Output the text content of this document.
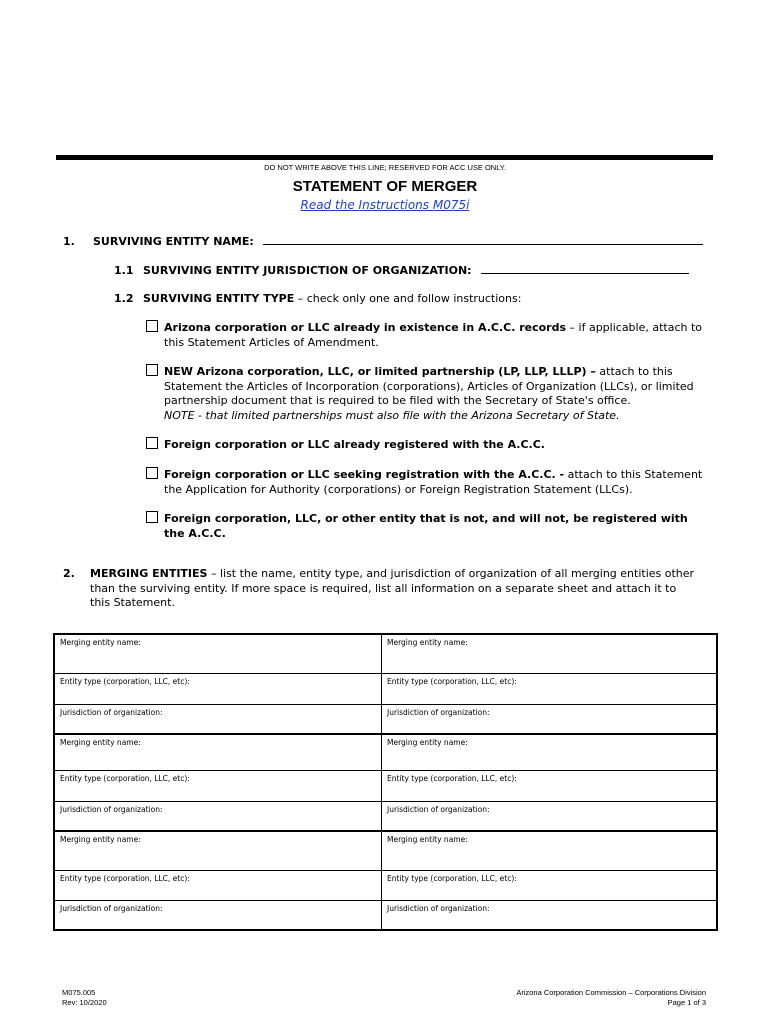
DO NOT WRITE ABOVE THIS LINE; RESERVED FOR ACC USE ONLY.
STATEMENT OF MERGER
Read the Instructions M075i
1. SURVIVING ENTITY NAME:
1.1 SURVIVING ENTITY JURISDICTION OF ORGANIZATION:
1.2 SURVIVING ENTITY TYPE – check only one and follow instructions:
Arizona corporation or LLC already in existence in A.C.C. records – if applicable, attach to
this Statement Articles of Amendment.
NEW Arizona corporation, LLC, or limited partnership (LP, LLP, LLLP) – attach to this
Statement the Articles of Incorporation (corporations), Articles of Organization (LLCs), or limited
partnership document that is required to be filed with the Secretary of State's office.
NOTE - that limited partnerships must also file with the Arizona Secretary of State.
Foreign corporation or LLC already registered with the A.C.C.
Foreign corporation or LLC seeking registration with the A.C.C. - attach to this Statement
the Application for Authority (corporations) or Foreign Registration Statement (LLCs).
Foreign corporation, LLC, or other entity that is not, and will not, be registered with
the A.C.C.
2. MERGING ENTITIES – list the name, entity type, and jurisdiction of organization of all merging entities other
than the surviving entity. If more space is required, list all information on a separate sheet and attach it to
this Statement.
Merging entity name:	Merging entity name:
Entity type (corporation, LLC, etc):	Entity type (corporation, LLC, etc):
Jurisdiction of organization:	Jurisdiction of organization:
Merging entity name:	Merging entity name:
Entity type (corporation, LLC, etc):	Entity type (corporation, LLC, etc):
Jurisdiction of organization:	Jurisdiction of organization:
Merging entity name:	Merging entity name:
Entity type (corporation, LLC, etc):	Entity type (corporation, LLC, etc):
Jurisdiction of organization:	Jurisdiction of organization:
M075.005
Rev: 10/2020
Arizona Corporation Commission – Corporations Division
Page 1 of 3
